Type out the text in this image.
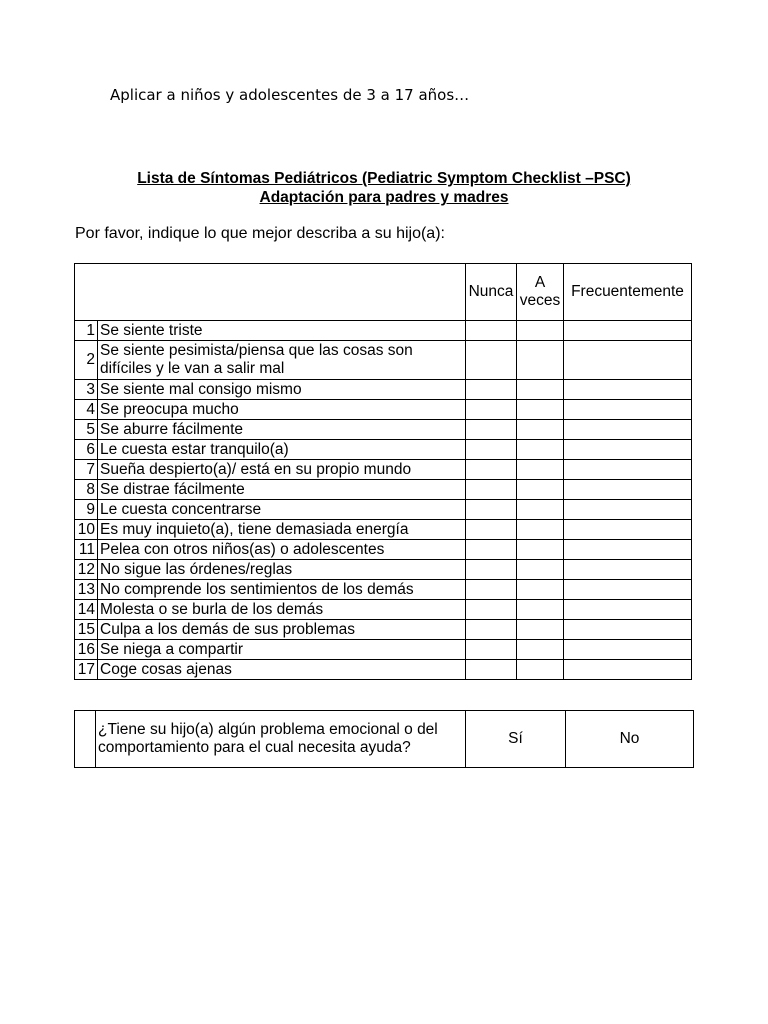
Aplicar a niños y adolescentes de 3 a 17 años…
Lista de Síntomas Pediátricos (Pediatric Symptom Checklist –PSC)
Adaptación para padres y madres
Por favor, indique lo que mejor describa a su hijo(a):
		Nunca	A veces	Frecuentemente
1	Se siente triste			
2	Se siente pesimista/piensa que las cosas son difíciles y le van a salir mal			
3	Se siente mal consigo mismo			
4	Se preocupa mucho			
5	Se aburre fácilmente			
6	Le cuesta estar tranquilo(a)			
7	Sueña despierto(a)/ está en su propio mundo			
8	Se distrae fácilmente			
9	Le cuesta concentrarse			
10	Es muy inquieto(a), tiene demasiada energía			
11	Pelea con otros niños(as) o adolescentes			
12	No sigue las órdenes/reglas			
13	No comprende los sentimientos de los demás			
14	Molesta o se burla de los demás			
15	Culpa a los demás de sus problemas			
16	Se niega a compartir			
17	Coge cosas ajenas			
	¿Tiene su hijo(a) algún problema emocional o del comportamiento para el cual necesita ayuda?	Sí	No
